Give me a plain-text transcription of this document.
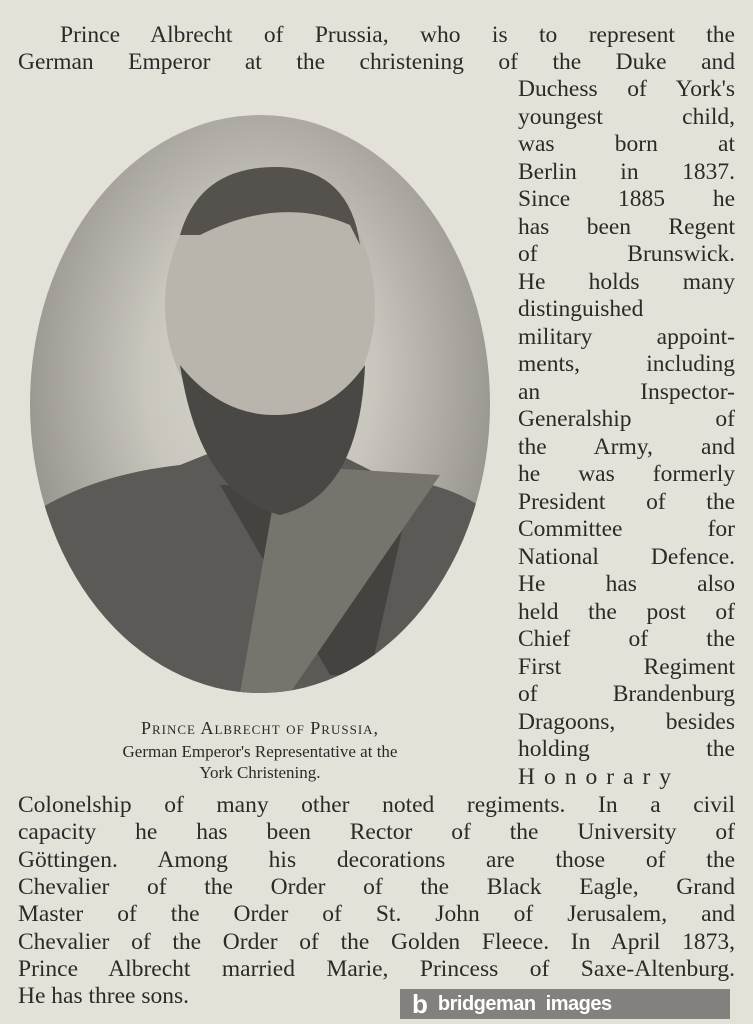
Prince Albrecht of Prussia, who is to represent the
German Emperor at the christening of the Duke and
Duchess of York's
youngest child,
was born at
Berlin in 1837.
Since 1885 he
has been Regent
of Brunswick.
He holds many
distinguished
military appoint-
ments, including
an Inspector-
Generalship of
the Army, and
he was formerly
President of the
Committee for
National Defence.
He has also
held the post of
Chief of the
First Regiment
of Brandenburg
Dragoons, besides
holding the
Honorary
Colonelship of many other noted regiments. In a civil
capacity he has been Rector of the University of
Göttingen. Among his decorations are those of the
Chevalier of the Order of the Black Eagle, Grand
Master of the Order of St. John of Jerusalem, and
Chevalier of the Order of the Golden Fleece. In April 1873,
Prince Albrecht married Marie, Princess of Saxe-Altenburg.
He has three sons.
Prince Albrecht of Prussia,
German Emperor's Representative at the
York Christening.
b bridgeman images
